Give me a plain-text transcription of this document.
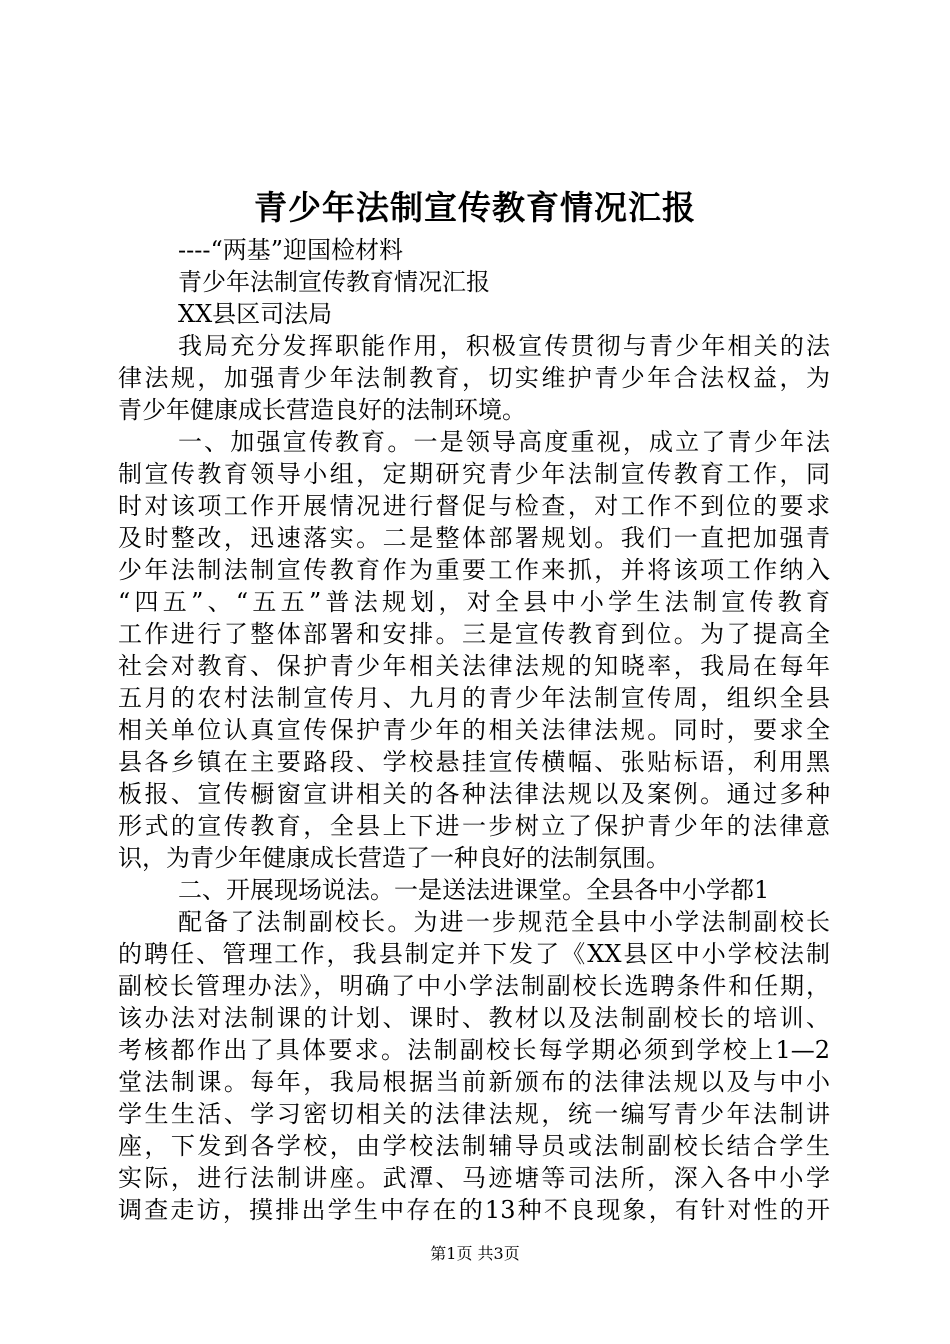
青少年法制宣传教育情况汇报
----“两基”迎国检材料
青少年法制宣传教育情况汇报
XX县区司法局
我局充分发挥职能作用，积极宣传贯彻与青少年相关的法
律法规，加强青少年法制教育，切实维护青少年合法权益，为
青少年健康成长营造良好的法制环境。
一、加强宣传教育。一是领导高度重视，成立了青少年法
制宣传教育领导小组，定期研究青少年法制宣传教育工作，同
时对该项工作开展情况进行督促与检查，对工作不到位的要求
及时整改，迅速落实。二是整体部署规划。我们一直把加强青
少年法制法制宣传教育作为重要工作来抓，并将该项工作纳入
“四五”、“五五”普法规划，对全县中小学生法制宣传教育
工作进行了整体部署和安排。三是宣传教育到位。为了提高全
社会对教育、保护青少年相关法律法规的知晓率，我局在每年
五月的农村法制宣传月、九月的青少年法制宣传周，组织全县
相关单位认真宣传保护青少年的相关法律法规。同时，要求全
县各乡镇在主要路段、学校悬挂宣传横幅、张贴标语，利用黑
板报、宣传橱窗宣讲相关的各种法律法规以及案例。通过多种
形式的宣传教育，全县上下进一步树立了保护青少年的法律意
识，为青少年健康成长营造了一种良好的法制氛围。
二、开展现场说法。一是送法进课堂。全县各中小学都1
配备了法制副校长。为进一步规范全县中小学法制副校长
的聘任、管理工作，我县制定并下发了《XX县区中小学校法制
副校长管理办法》，明确了中小学法制副校长选聘条件和任期，
该办法对法制课的计划、课时、教材以及法制副校长的培训、
考核都作出了具体要求。法制副校长每学期必须到学校上1—2
堂法制课。每年，我局根据当前新颁布的法律法规以及与中小
学生生活、学习密切相关的法律法规，统一编写青少年法制讲
座，下发到各学校，由学校法制辅导员或法制副校长结合学生
实际，进行法制讲座。武潭、马迹塘等司法所，深入各中小学
调查走访，摸排出学生中存在的13种不良现象，有针对性的开
第1页 共3页
